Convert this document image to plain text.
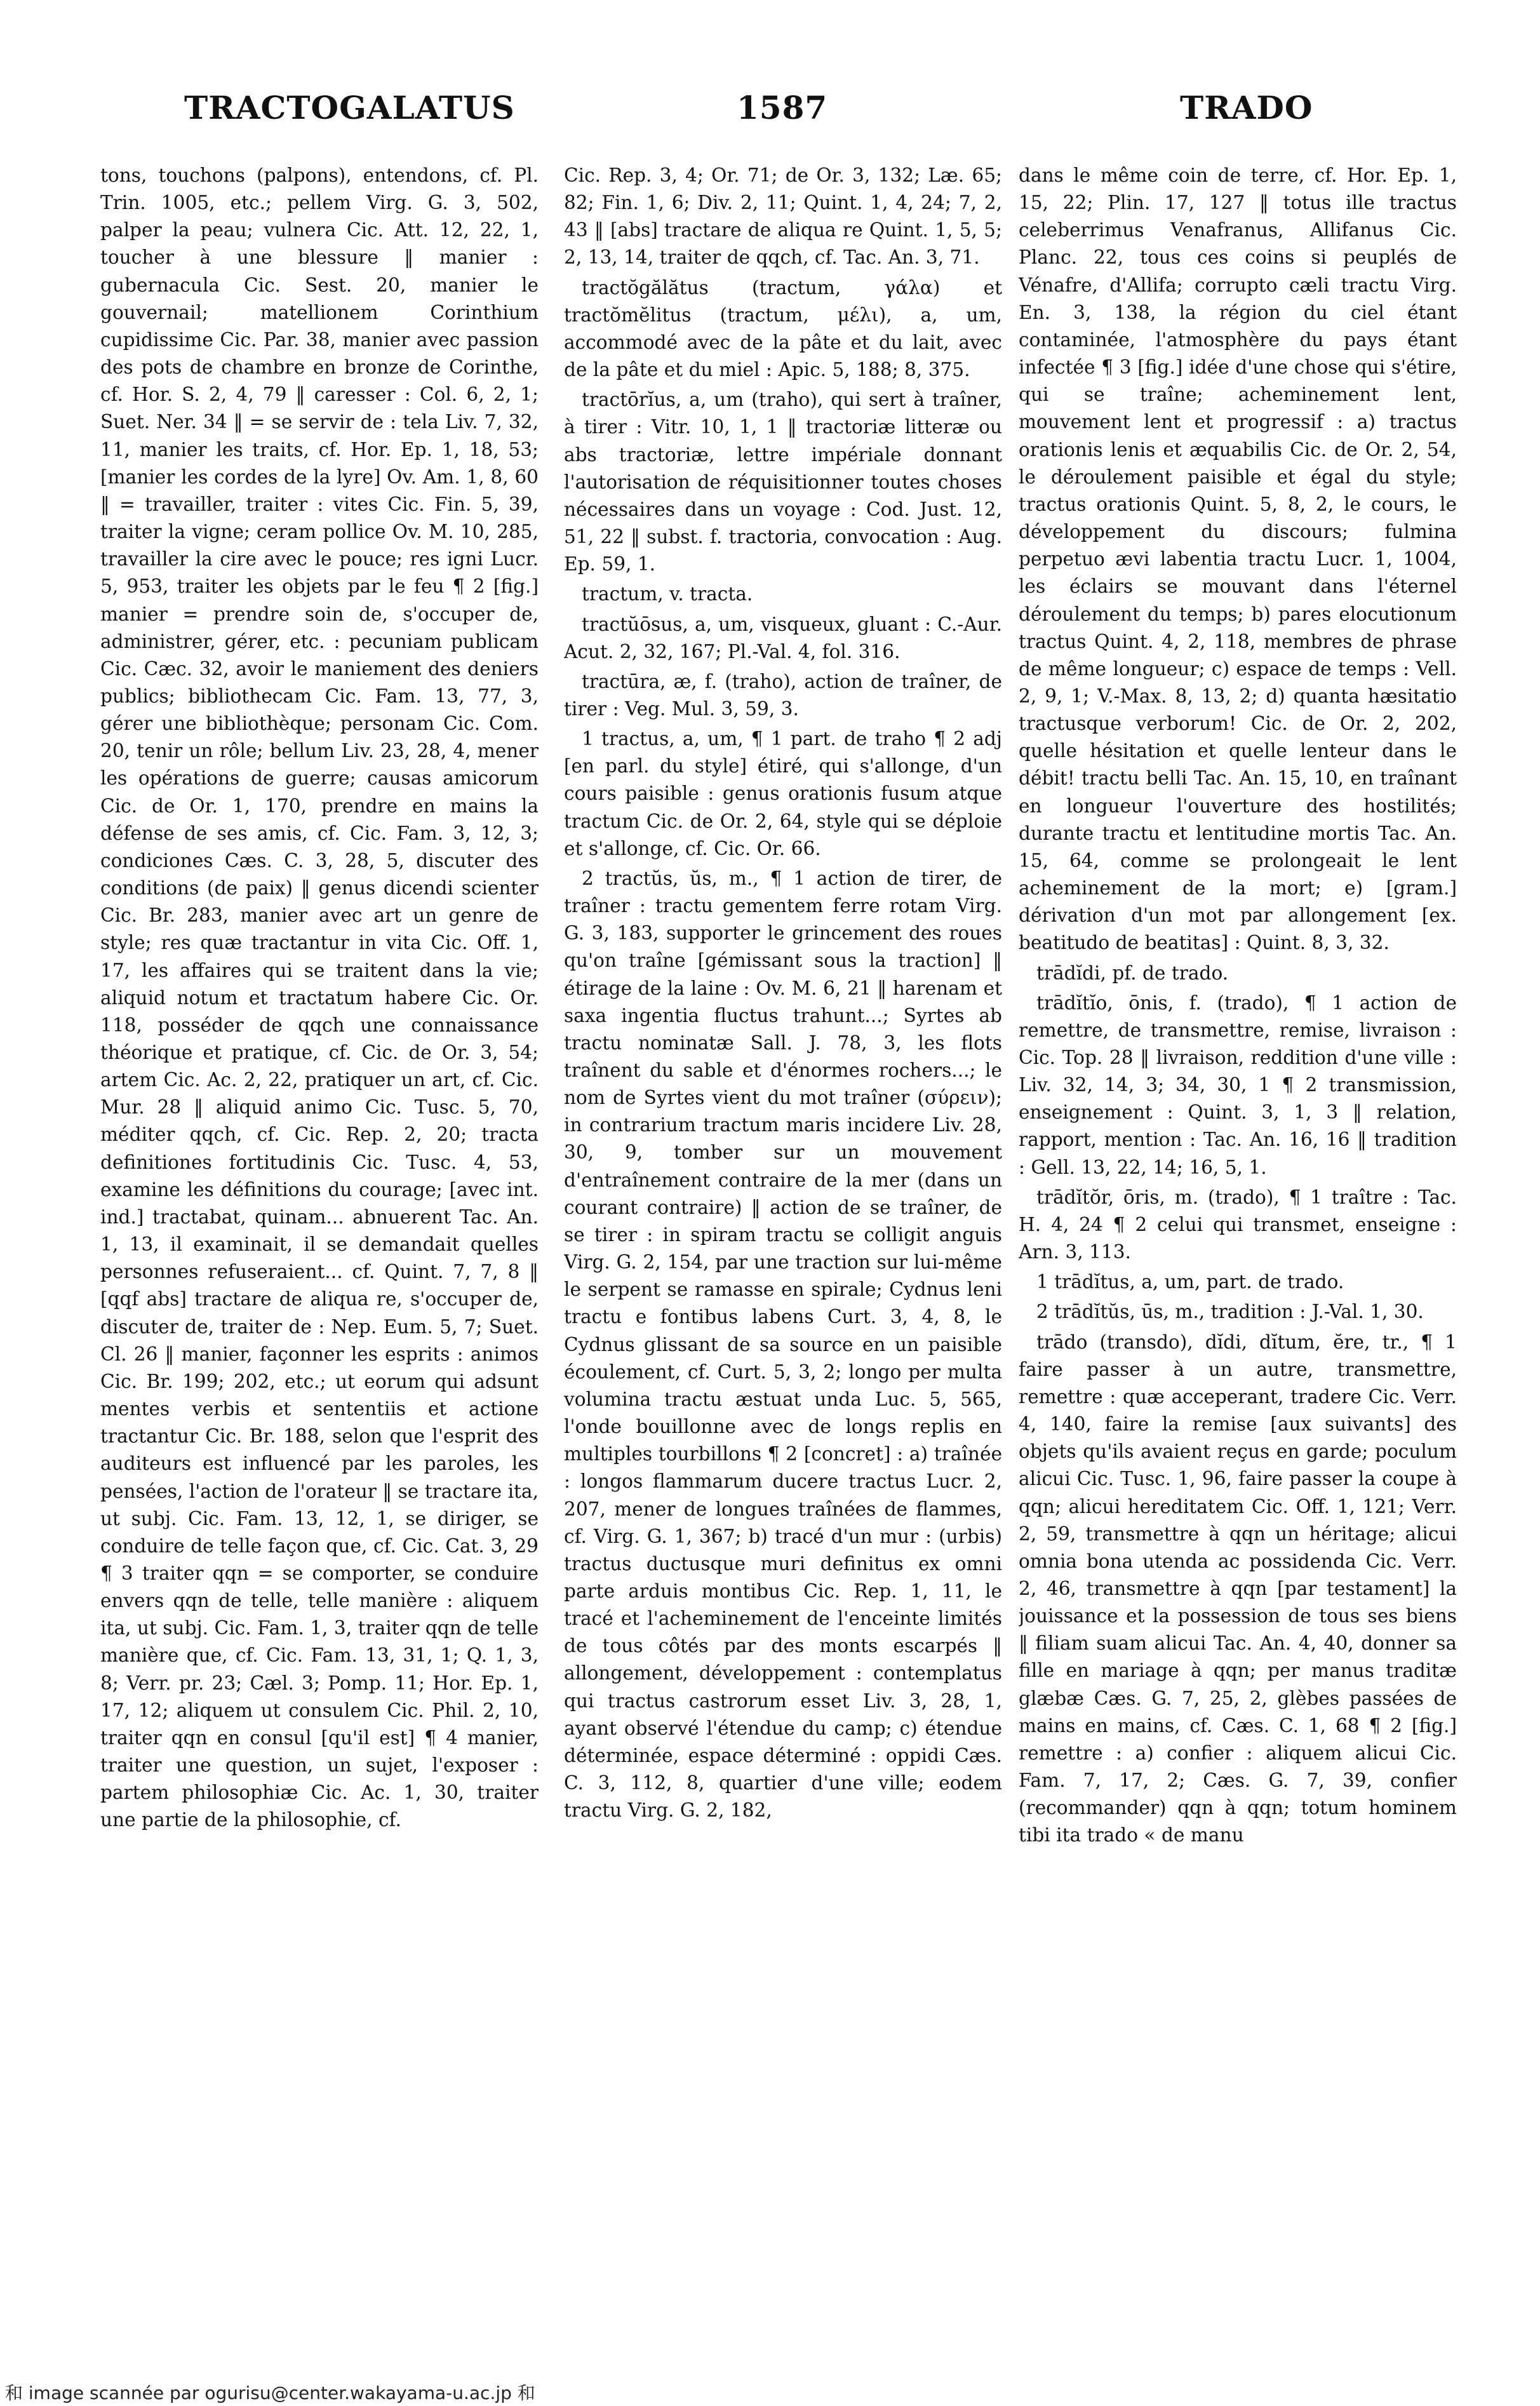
TRACTOGALATUS	1587	TRADO

tons, touchons (palpons), entendons, cf. Pl. Trin. 1005, etc.; pellem Virg. G. 3, 502, palper la peau; vulnera Cic. Att. 12, 22, 1, toucher à une blessure ‖ manier : gubernacula Cic. Sest. 20, manier le gouvernail; matellionem Corinthium cupidissime Cic. Par. 38, manier avec passion des pots de chambre en bronze de Corinthe, cf. Hor. S. 2, 4, 79 ‖ caresser : Col. 6, 2, 1; Suet. Ner. 34 ‖ = se servir de : tela Liv. 7, 32, 11, manier les traits, cf. Hor. Ep. 1, 18, 53; [manier les cordes de la lyre] Ov. Am. 1, 8, 60 ‖ = travailler, traiter : vites Cic. Fin. 5, 39, traiter la vigne; ceram pollice Ov. M. 10, 285, travailler la cire avec le pouce; res igni Lucr. 5, 953, traiter les objets par le feu ¶ 2 [fig.] manier = prendre soin de, s'occuper de, administrer, gérer, etc. : pecuniam publicam Cic. Cæc. 32, avoir le maniement des deniers publics; bibliothecam Cic. Fam. 13, 77, 3, gérer une bibliothèque; personam Cic. Com. 20, tenir un rôle; bellum Liv. 23, 28, 4, mener les opérations de guerre; causas amicorum Cic. de Or. 1, 170, prendre en mains la défense de ses amis, cf. Cic. Fam. 3, 12, 3; condiciones Cæs. C. 3, 28, 5, discuter des conditions (de paix) ‖ genus dicendi scienter Cic. Br. 283, manier avec art un genre de style; res quæ tractantur in vita Cic. Off. 1, 17, les affaires qui se traitent dans la vie; aliquid notum et tractatum habere Cic. Or. 118, posséder de qqch une connaissance théorique et pratique, cf. Cic. de Or. 3, 54; artem Cic. Ac. 2, 22, pratiquer un art, cf. Cic. Mur. 28 ‖ aliquid animo Cic. Tusc. 5, 70, méditer qqch, cf. Cic. Rep. 2, 20; tracta definitiones fortitudinis Cic. Tusc. 4, 53, examine les définitions du courage; [avec int. ind.] tractabat, quinam... abnuerent Tac. An. 1, 13, il examinait, il se demandait quelles personnes refuseraient... cf. Quint. 7, 7, 8 ‖ [qqf abs] tractare de aliqua re, s'occuper de, discuter de, traiter de : Nep. Eum. 5, 7; Suet. Cl. 26 ‖ manier, façonner les esprits : animos Cic. Br. 199; 202, etc.; ut eorum qui adsunt mentes verbis et sententiis et actione tractantur Cic. Br. 188, selon que l'esprit des auditeurs est influencé par les paroles, les pensées, l'action de l'orateur ‖ se tractare ita, ut subj. Cic. Fam. 13, 12, 1, se diriger, se conduire de telle façon que, cf. Cic. Cat. 3, 29 ¶ 3 traiter qqn = se comporter, se conduire envers qqn de telle, telle manière : aliquem ita, ut subj. Cic. Fam. 1, 3, traiter qqn de telle manière que, cf. Cic. Fam. 13, 31, 1; Q. 1, 3, 8; Verr. pr. 23; Cæl. 3; Pomp. 11; Hor. Ep. 1, 17, 12; aliquem ut consulem Cic. Phil. 2, 10, traiter qqn en consul [qu'il est] ¶ 4 manier, traiter une question, un sujet, l'exposer : partem philosophiæ Cic. Ac. 1, 30, traiter une partie de la philosophie, cf.

Cic. Rep. 3, 4; Or. 71; de Or. 3, 132; Læ. 65; 82; Fin. 1, 6; Div. 2, 11; Quint. 1, 4, 24; 7, 2, 43 ‖ [abs] tractare de aliqua re Quint. 1, 5, 5; 2, 13, 14, traiter de qqch, cf. Tac. An. 3, 71.

tractŏgălătus (tractum, γάλα) et tractŏmĕlitus (tractum, μέλι), a, um, accommodé avec de la pâte et du lait, avec de la pâte et du miel : Apic. 5, 188; 8, 375.

tractōrĭus, a, um (traho), qui sert à traîner, à tirer : Vitr. 10, 1, 1 ‖ tractoriæ litteræ ou abs tractoriæ, lettre impériale donnant l'autorisation de réquisitionner toutes choses nécessaires dans un voyage : Cod. Just. 12, 51, 22 ‖ subst. f. tractoria, convocation : Aug. Ep. 59, 1.

tractum, v. tracta.

tractŭōsus, a, um, visqueux, gluant : C.-Aur. Acut. 2, 32, 167; Pl.-Val. 4, fol. 316.

tractūra, æ, f. (traho), action de traîner, de tirer : Veg. Mul. 3, 59, 3.

1 tractus, a, um, ¶ 1 part. de traho ¶ 2 adj [en parl. du style] étiré, qui s'allonge, d'un cours paisible : genus orationis fusum atque tractum Cic. de Or. 2, 64, style qui se déploie et s'allonge, cf. Cic. Or. 66.

2 tractŭs, ŭs, m., ¶ 1 action de tirer, de traîner : tractu gementem ferre rotam Virg. G. 3, 183, supporter le grincement des roues qu'on traîne [gémissant sous la traction] ‖ étirage de la laine : Ov. M. 6, 21 ‖ harenam et saxa ingentia fluctus trahunt...; Syrtes ab tractu nominatæ Sall. J. 78, 3, les flots traînent du sable et d'énormes rochers...; le nom de Syrtes vient du mot traîner (σύρειν); in contrarium tractum maris incidere Liv. 28, 30, 9, tomber sur un mouvement d'entraînement contraire de la mer (dans un courant contraire) ‖ action de se traîner, de se tirer : in spiram tractu se colligit anguis Virg. G. 2, 154, par une traction sur lui-même le serpent se ramasse en spirale; Cydnus leni tractu e fontibus labens Curt. 3, 4, 8, le Cydnus glissant de sa source en un paisible écoulement, cf. Curt. 5, 3, 2; longo per multa volumina tractu æstuat unda Luc. 5, 565, l'onde bouillonne avec de longs replis en multiples tourbillons ¶ 2 [concret] : a) traînée : longos flammarum ducere tractus Lucr. 2, 207, mener de longues traînées de flammes, cf. Virg. G. 1, 367; b) tracé d'un mur : (urbis) tractus ductusque muri definitus ex omni parte arduis montibus Cic. Rep. 1, 11, le tracé et l'acheminement de l'enceinte limités de tous côtés par des monts escarpés ‖ allongement, développement : contemplatus qui tractus castrorum esset Liv. 3, 28, 1, ayant observé l'étendue du camp; c) étendue déterminée, espace déterminé : oppidi Cæs. C. 3, 112, 8, quartier d'une ville; eodem tractu Virg. G. 2, 182,

dans le même coin de terre, cf. Hor. Ep. 1, 15, 22; Plin. 17, 127 ‖ totus ille tractus celeberrimus Venafranus, Allifanus Cic. Planc. 22, tous ces coins si peuplés de Vénafre, d'Allifa; corrupto cæli tractu Virg. En. 3, 138, la région du ciel étant contaminée, l'atmosphère du pays étant infectée ¶ 3 [fig.] idée d'une chose qui s'étire, qui se traîne; acheminement lent, mouvement lent et progressif : a) tractus orationis lenis et æquabilis Cic. de Or. 2, 54, le déroulement paisible et égal du style; tractus orationis Quint. 5, 8, 2, le cours, le développement du discours; fulmina perpetuo ævi labentia tractu Lucr. 1, 1004, les éclairs se mouvant dans l'éternel déroulement du temps; b) pares elocutionum tractus Quint. 4, 2, 118, membres de phrase de même longueur; c) espace de temps : Vell. 2, 9, 1; V.-Max. 8, 13, 2; d) quanta hæsitatio tractusque verborum! Cic. de Or. 2, 202, quelle hésitation et quelle lenteur dans le débit! tractu belli Tac. An. 15, 10, en traînant en longueur l'ouverture des hostilités; durante tractu et lentitudine mortis Tac. An. 15, 64, comme se prolongeait le lent acheminement de la mort; e) [gram.] dérivation d'un mot par allongement [ex. beatitudo de beatitas] : Quint. 8, 3, 32.

trādĭdi, pf. de trado.

trādĭtĭo, ōnis, f. (trado), ¶ 1 action de remettre, de transmettre, remise, livraison : Cic. Top. 28 ‖ livraison, reddition d'une ville : Liv. 32, 14, 3; 34, 30, 1 ¶ 2 transmission, enseignement : Quint. 3, 1, 3 ‖ relation, rapport, mention : Tac. An. 16, 16 ‖ tradition : Gell. 13, 22, 14; 16, 5, 1.

trādĭtŏr, ōris, m. (trado), ¶ 1 traître : Tac. H. 4, 24 ¶ 2 celui qui transmet, enseigne : Arn. 3, 113.

1 trādĭtus, a, um, part. de trado.

2 trādĭtŭs, ūs, m., tradition : J.-Val. 1, 30.

trādo (transdo), dĭdi, dĭtum, ĕre, tr., ¶ 1 faire passer à un autre, transmettre, remettre : quæ acceperant, tradere Cic. Verr. 4, 140, faire la remise [aux suivants] des objets qu'ils avaient reçus en garde; poculum alicui Cic. Tusc. 1, 96, faire passer la coupe à qqn; alicui hereditatem Cic. Off. 1, 121; Verr. 2, 59, transmettre à qqn un héritage; alicui omnia bona utenda ac possidenda Cic. Verr. 2, 46, transmettre à qqn [par testament] la jouissance et la possession de tous ses biens ‖ filiam suam alicui Tac. An. 4, 40, donner sa fille en mariage à qqn; per manus traditæ glæbæ Cæs. G. 7, 25, 2, glèbes passées de mains en mains, cf. Cæs. C. 1, 68 ¶ 2 [fig.] remettre : a) confier : aliquem alicui Cic. Fam. 7, 17, 2; Cæs. G. 7, 39, confier (recommander) qqn à qqn; totum hominem tibi ita trado « de manu

和 image scannée par ogurisu@center.wakayama-u.ac.jp 和
